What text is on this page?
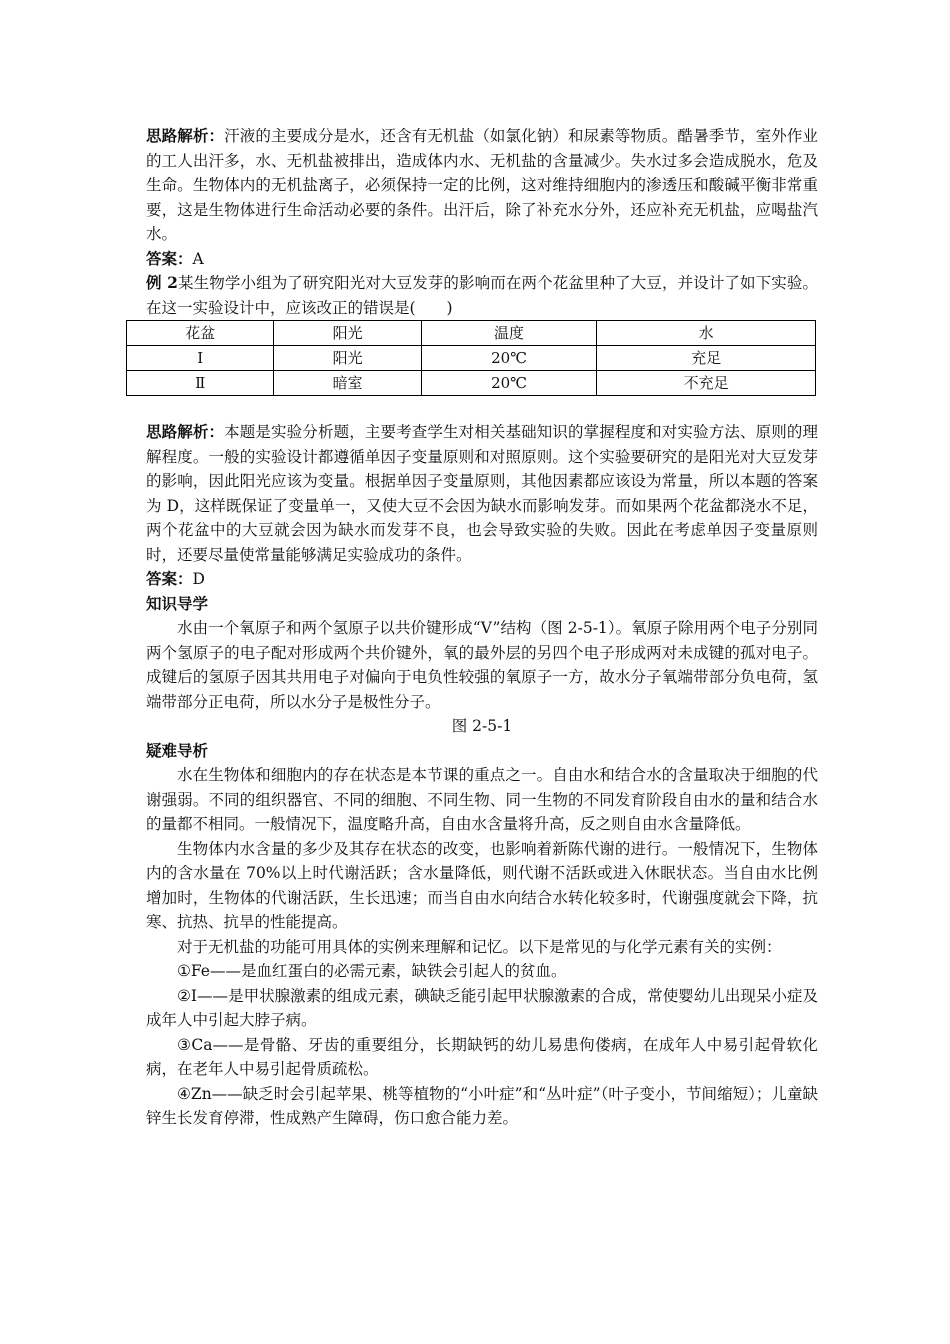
思路解析：汗液的主要成分是水，还含有无机盐（如氯化钠）和尿素等物质。酷暑季节，室外作业的工人出汗多，水、无机盐被排出，造成体内水、无机盐的含量减少。失水过多会造成脱水，危及生命。生物体内的无机盐离子，必须保持一定的比例，这对维持细胞内的渗透压和酸碱平衡非常重要，这是生物体进行生命活动必要的条件。出汗后，除了补充水分外，还应补充无机盐，应喝盐汽水。

答案：A

例 2某生物学小组为了研究阳光对大豆发芽的影响而在两个花盆里种了大豆，并设计了如下实验。在这一实验设计中，应该改正的错误是(　　)

花盆	阳光	温度	水
Ⅰ	阳光	20℃	充足
Ⅱ	暗室	20℃	不充足

思路解析：本题是实验分析题，主要考查学生对相关基础知识的掌握程度和对实验方法、原则的理解程度。一般的实验设计都遵循单因子变量原则和对照原则。这个实验要研究的是阳光对大豆发芽的影响，因此阳光应该为变量。根据单因子变量原则，其他因素都应该设为常量，所以本题的答案为 D，这样既保证了变量单一，又使大豆不会因为缺水而影响发芽。而如果两个花盆都浇水不足，两个花盆中的大豆就会因为缺水而发芽不良，也会导致实验的失败。因此在考虑单因子变量原则时，还要尽量使常量能够满足实验成功的条件。

答案：D

知识导学

水由一个氧原子和两个氢原子以共价键形成“V”结构（图 2-5-1）。氧原子除用两个电子分别同两个氢原子的电子配对形成两个共价键外，氧的最外层的另四个电子形成两对未成键的孤对电子。成键后的氢原子因其共用电子对偏向于电负性较强的氧原子一方，故水分子氧端带部分负电荷，氢端带部分正电荷，所以水分子是极性分子。

图 2-5-1

疑难导析

水在生物体和细胞内的存在状态是本节课的重点之一。自由水和结合水的含量取决于细胞的代谢强弱。不同的组织器官、不同的细胞、不同生物、同一生物的不同发育阶段自由水的量和结合水的量都不相同。一般情况下，温度略升高，自由水含量将升高，反之则自由水含量降低。

生物体内水含量的多少及其存在状态的改变，也影响着新陈代谢的进行。一般情况下，生物体内的含水量在 70%以上时代谢活跃；含水量降低，则代谢不活跃或进入休眠状态。当自由水比例增加时，生物体的代谢活跃，生长迅速；而当自由水向结合水转化较多时，代谢强度就会下降，抗寒、抗热、抗旱的性能提高。

对于无机盐的功能可用具体的实例来理解和记忆。以下是常见的与化学元素有关的实例：

①Fe——是血红蛋白的必需元素，缺铁会引起人的贫血。

②I——是甲状腺激素的组成元素，碘缺乏能引起甲状腺激素的合成，常使婴幼儿出现呆小症及成年人中引起大脖子病。

③Ca——是骨骼、牙齿的重要组分，长期缺钙的幼儿易患佝偻病，在成年人中易引起骨软化病，在老年人中易引起骨质疏松。

④Zn——缺乏时会引起苹果、桃等植物的“小叶症”和“丛叶症”（叶子变小，节间缩短）；儿童缺锌生长发育停滞，性成熟产生障碍，伤口愈合能力差。
